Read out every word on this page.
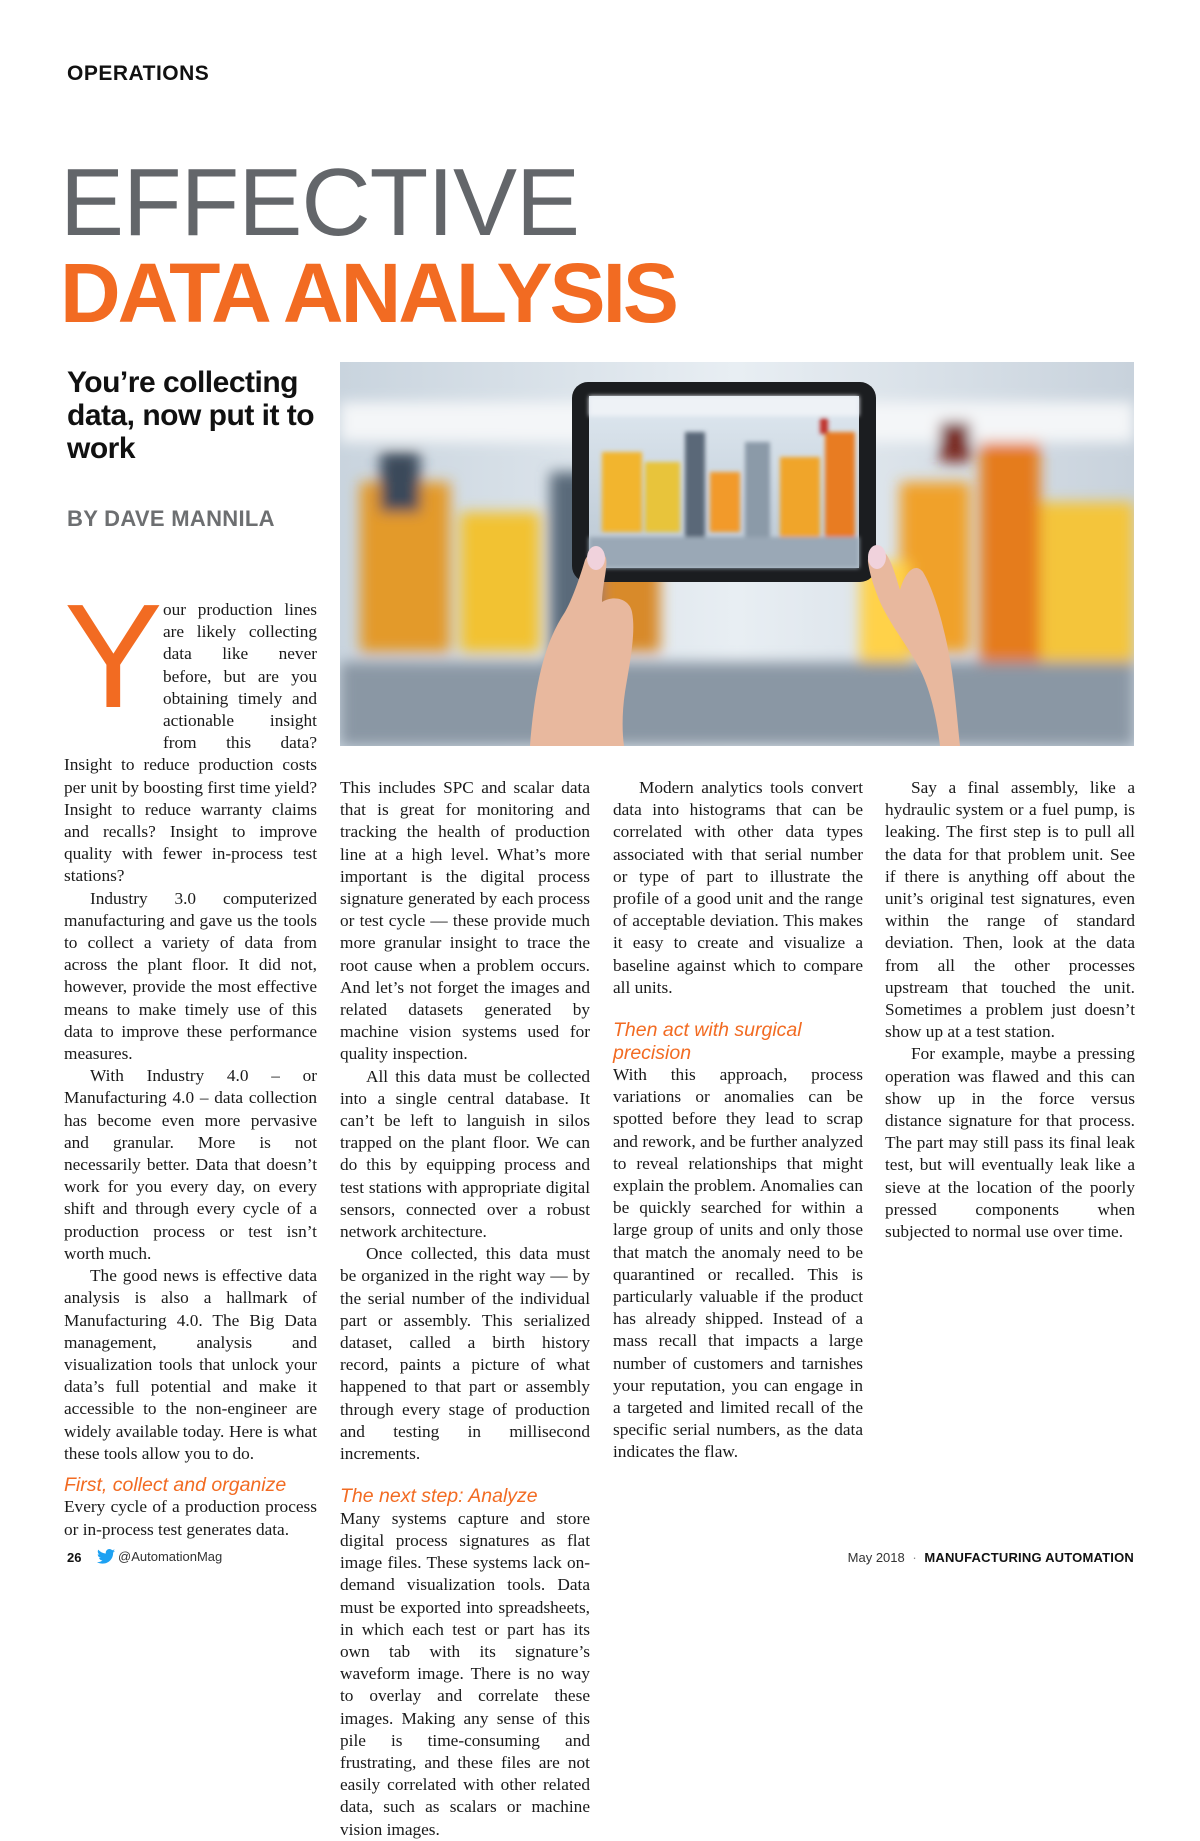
OPERATIONS
EFFECTIVE
DATA ANALYSIS
You’re collecting data, now put it to work
BY DAVE MANNILA

Your production lines are likely collecting data like never before, but are you obtaining timely and actionable insight from this data? Insight to reduce production costs per unit by boosting first time yield? Insight to reduce warranty claims and recalls? Insight to improve quality with fewer in-process test stations?

Industry 3.0 computerized manufacturing and gave us the tools to collect a variety of data from across the plant floor. It did not, however, provide the most effective means to make timely use of this data to improve these performance measures.

With Industry 4.0 – or Manufacturing 4.0 – data collection has become even more pervasive and granular. More is not necessarily better. Data that doesn’t work for you every day, on every shift and through every cycle of a production process or test isn’t worth much.

The good news is effective data analysis is also a hallmark of Manufacturing 4.0. The Big Data management, analysis and visualization tools that unlock your data’s full potential and make it accessible to the non-engineer are widely available today. Here is what these tools allow you to do.

First, collect and organize

Every cycle of a production process or in-process test generates data.

This includes SPC and scalar data that is great for monitoring and tracking the health of production line at a high level. What’s more important is the digital process signature generated by each process or test cycle — these provide much more granular insight to trace the root cause when a problem occurs. And let’s not forget the images and related datasets generated by machine vision systems used for quality inspection.

All this data must be collected into a single central database. It can’t be left to languish in silos trapped on the plant floor. We can do this by equipping process and test stations with appropriate digital sensors, connected over a robust network architecture.

Once collected, this data must be organized in the right way — by the serial number of the individual part or assembly. This serialized dataset, called a birth history record, paints a picture of what happened to that part or assembly through every stage of production and testing in millisecond increments.

The next step: Analyze

Many systems capture and store digital process signatures as flat image files. These systems lack on-demand visualization tools. Data must be exported into spreadsheets, in which each test or part has its own tab with its signature’s waveform image. There is no way to overlay and correlate these images. Making any sense of this pile is time-consuming and frustrating, and these files are not easily correlated with other related data, such as scalars or machine vision images.

Modern analytics tools convert data into histograms that can be correlated with other data types associated with that serial number or type of part to illustrate the profile of a good unit and the range of acceptable deviation. This makes it easy to create and visualize a baseline against which to compare all units.

Then act with surgical precision

With this approach, process variations or anomalies can be spotted before they lead to scrap and rework, and be further analyzed to reveal relationships that might explain the problem. Anomalies can be quickly searched for within a large group of units and only those that match the anomaly need to be quarantined or recalled. This is particularly valuable if the product has already shipped. Instead of a mass recall that impacts a large number of customers and tarnishes your reputation, you can engage in a targeted and limited recall of the specific serial numbers, as the data indicates the flaw.

Say a final assembly, like a hydraulic system or a fuel pump, is leaking. The first step is to pull all the data for that problem unit. See if there is anything off about the unit’s original test signatures, even within the range of standard deviation. Then, look at the data from all the other processes upstream that touched the unit. Sometimes a problem just doesn’t show up at a test station.

For example, maybe a pressing operation was flawed and this can show up in the force versus distance signature for that process. The part may still pass its final leak test, but will eventually leak like a sieve at the location of the poorly pressed components when subjected to normal use over time.

26	@AutomationMag	May 2018 · MANUFACTURING AUTOMATION
